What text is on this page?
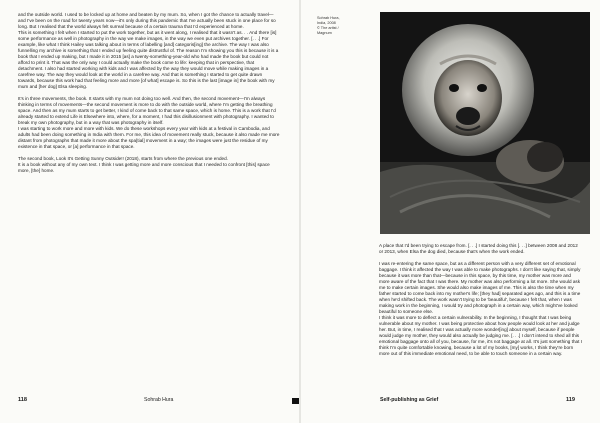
and the outside world. I used to be locked up at home and beaten by my mum. So, when I got the chance to actually travel—and I've been on the road for twenty years now—it's only during this pandemic that I've actually been stuck in one place for so long. But I realised that the world always felt surreal because of a certain trauma that I'd experienced at home.

This is something I felt when I started to put the work together, but as it went along, I realised that it wasn't as. . . And there [is] some performance as well in photography in the way we make images, in the way we even put archives together. [. . .] For example, like what I think Hailey was talking about in terms of labelling [and] categoris[ing] the archive. The way I was also funnelling my archive is something that I ended up feeling quite distrustful of. The reason I'm showing you this is because it is a book that I ended up making, but I made it in 2015 [as] a twenty-something-year-old who had made the book but could not afford to print it. That was the only way I could actually make the book come to life: keeping that in perspective, that detachment. I also had started working with kids and I was affected by the way they would move while making images in a carefree way. The way they would look at the world in a carefree way. And that is something I started to get quite drawn towards, because this work had that feeling more and more [of what] escape is. So this is the last [image in] the book with my mum and [her dog] Elsa sleeping.

It's in three movements, the book. It starts with my mum not doing too well. And then, the second movement—I'm always thinking in terms of movements—the second movement is more to do with the outside world, where I'm getting the breathing space. And then as my mum starts to get better, I kind of come back to that same space, which is home. This is a work that I'd already started to extend Life is Elsewhere into, where, for a moment, I had this disillusionment with photography. I wanted to break my own photography, but in a way that was photography in itself.

I was starting to work more and more with kids. We do these workshops every year with kids at a festival in Cambodia, and adults had been doing something in India with them. For me, this idea of movement really stuck, because it also made me more distant from photographs that made it more about the spa[tial] movement in a way; the images were just the residue of my existence in that space, or [a] performance in that space.

The second book, Look It's Getting Sunny Outside!! (2018), starts from where the previous one ended.

It is a book without any of my own text. I think I was getting more and more conscious that I needed to confront [this] space more, [the] home.

Sohrab Hura,
India, 2008
© The artist /
Magnum

A place that I'd been trying to escape from. [. . .] I started doing this [. . .] between 2008 and 2012 or 2013, when Elsa the dog died, because that's when the work ended.

I was re-entering the same space, but as a different person with a very different set of emotional baggage. I think it affected the way I was able to make photographs. I don't like saying that, simply because it was more than that—because in this space, by this time, my mother was more and more aware of the fact that I was there. My mother was also performing a lot more. She would ask me to make certain images. She would also make images of me. This is also the time when my father started to come back into my mother's life; [they had] separated ages ago, and this is a time when he'd shifted back. The work wasn't trying to be 'beautiful', because I felt that, when I was making work in the beginning, I would try and photograph in a certain way, which might've looked beautiful to someone else.

I think it was more to deflect a certain vulnerability. In the beginning, I thought that I was being vulnerable about my mother. I was being protective about how people would look at her and judge her. But, in time, I realised that I was actually more wonder[ing] about myself, because if people would judge my mother, they would also actually be judging me. [. . .] I don't intend to shed all this emotional baggage onto all of you, because, for me, it's not baggage at all. It's just something that I think I'm quite comfortable knowing, because a lot of my books, [my] works, I think they're born more out of this immediate emotional need, to be able to touch someone in a certain way.

118	Sohrab Hura	Self-publishing as Grief	119
